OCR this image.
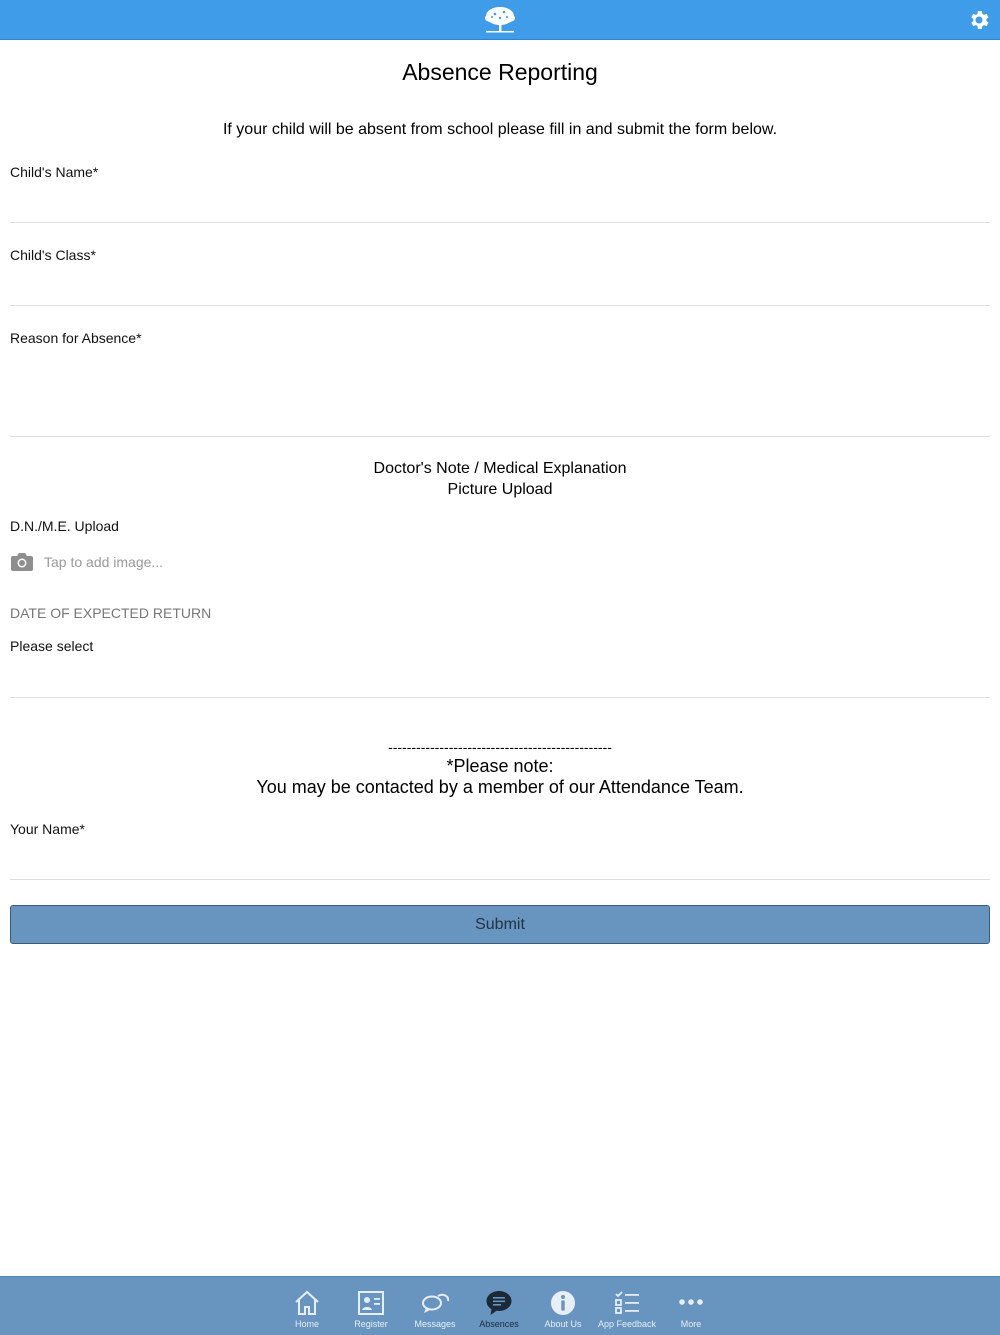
Absence Reporting
If your child will be absent from school please fill in and submit the form below.
Child's Name*
Child's Class*
Reason for Absence*
Doctor's Note / Medical Explanation
Picture Upload
D.N./M.E. Upload
Tap to add image...
DATE OF EXPECTED RETURN
Please select
------------------------------------------------
*Please note:
You may be contacted by a member of our Attendance Team.
Your Name*
Submit
Home	Register	Messages	Absences	About Us	App Feedback	More
